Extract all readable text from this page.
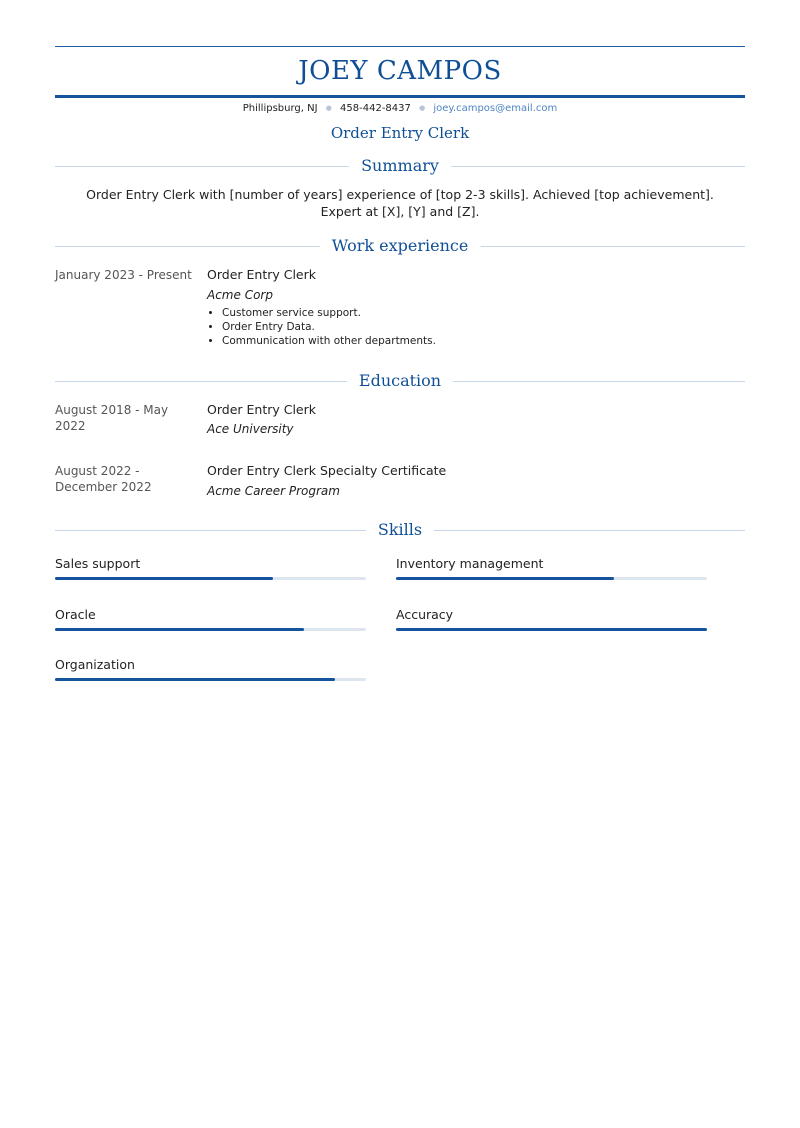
JOEY CAMPOS
Phillipsburg, NJ ● 458-442-8437 ● joey.campos@email.com
Order Entry Clerk
Summary
Order Entry Clerk with [number of years] experience of [top 2-3 skills]. Achieved [top achievement]. Expert at [X], [Y] and [Z].
Work experience
January 2023 - Present Order Entry Clerk
Acme Corp
• Customer service support.
• Order Entry Data.
• Communication with other departments.
Education
August 2018 - May 2022
Order Entry Clerk
Ace University
August 2022 - December 2022
Order Entry Clerk Specialty Certificate
Acme Career Program
Skills
Sales support	Inventory management
Oracle	Accuracy
Organization
